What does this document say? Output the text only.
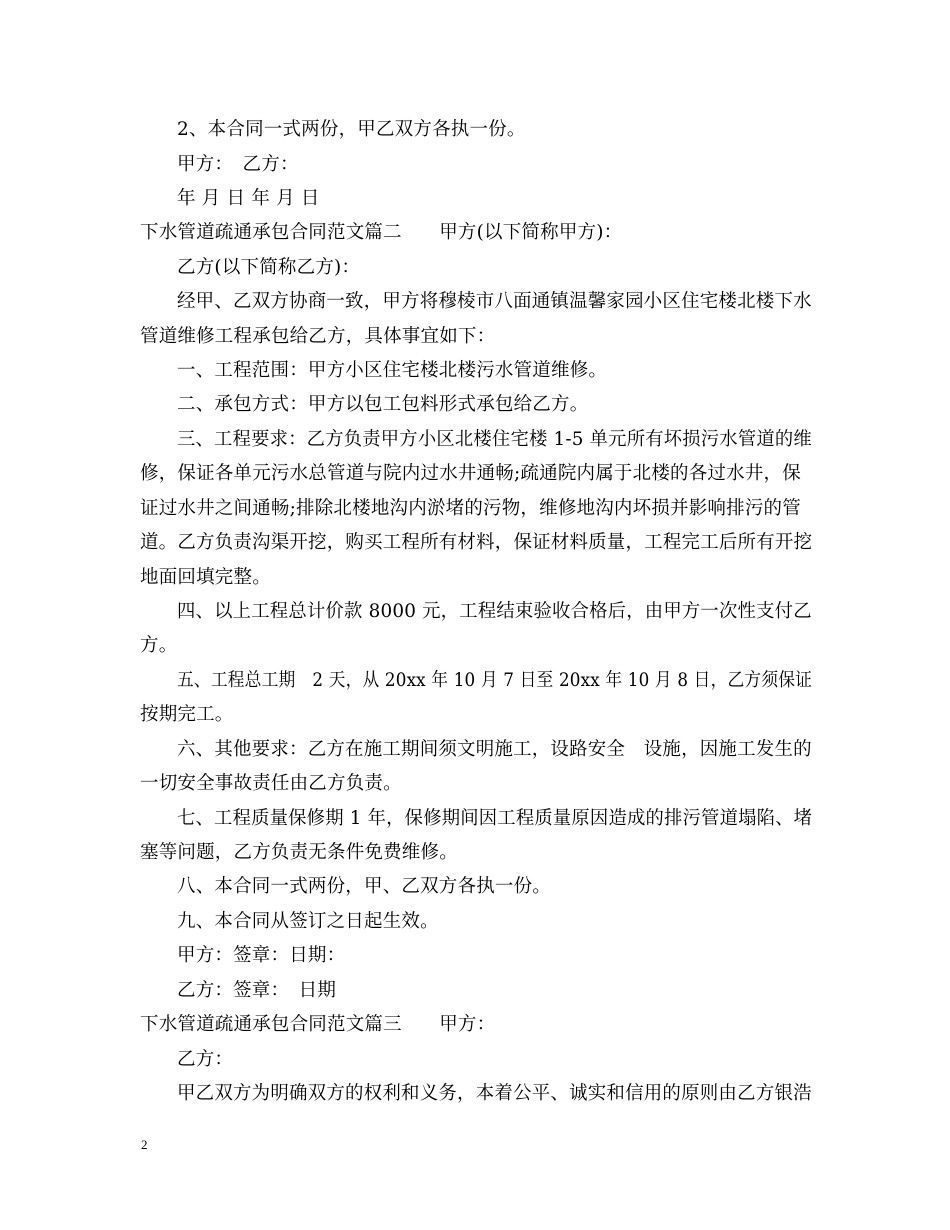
2、本合同一式两份，甲乙双方各执一份。
甲方：　乙方：
年 月 日 年 月 日
下水管道疏通承包合同范文篇二　　甲方(以下简称甲方)：
乙方(以下简称乙方)：
经甲、乙双方协商一致，甲方将穆棱市八面通镇温馨家园小区住宅楼北楼下水
管道维修工程承包给乙方，具体事宜如下：
一、工程范围：甲方小区住宅楼北楼污水管道维修。
二、承包方式：甲方以包工包料形式承包给乙方。
三、工程要求：乙方负责甲方小区北楼住宅楼 1-5 单元所有坏损污水管道的维
修，保证各单元污水总管道与院内过水井通畅;疏通院内属于北楼的各过水井，保
证过水井之间通畅;排除北楼地沟内淤堵的污物，维修地沟内坏损并影响排污的管
道。乙方负责沟渠开挖，购买工程所有材料，保证材料质量，工程完工后所有开挖
地面回填完整。
四、以上工程总计价款 8000 元，工程结束验收合格后，由甲方一次性支付乙
方。
五、工程总工期　2 天，从 20xx 年 10 月 7 日至 20xx 年 10 月 8 日，乙方须保证
按期完工。
六、其他要求：乙方在施工期间须文明施工，设路安全　设施，因施工发生的
一切安全事故责任由乙方负责。
七、工程质量保修期 1 年，保修期间因工程质量原因造成的排污管道塌陷、堵
塞等问题，乙方负责无条件免费维修。
八、本合同一式两份，甲、乙双方各执一份。
九、本合同从签订之日起生效。
甲方：签章：日期：
乙方：签章：　日期
下水管道疏通承包合同范文篇三　　甲方：
乙方：
甲乙双方为明确双方的权利和义务，本着公平、诚实和信用的原则由乙方银浩
2
